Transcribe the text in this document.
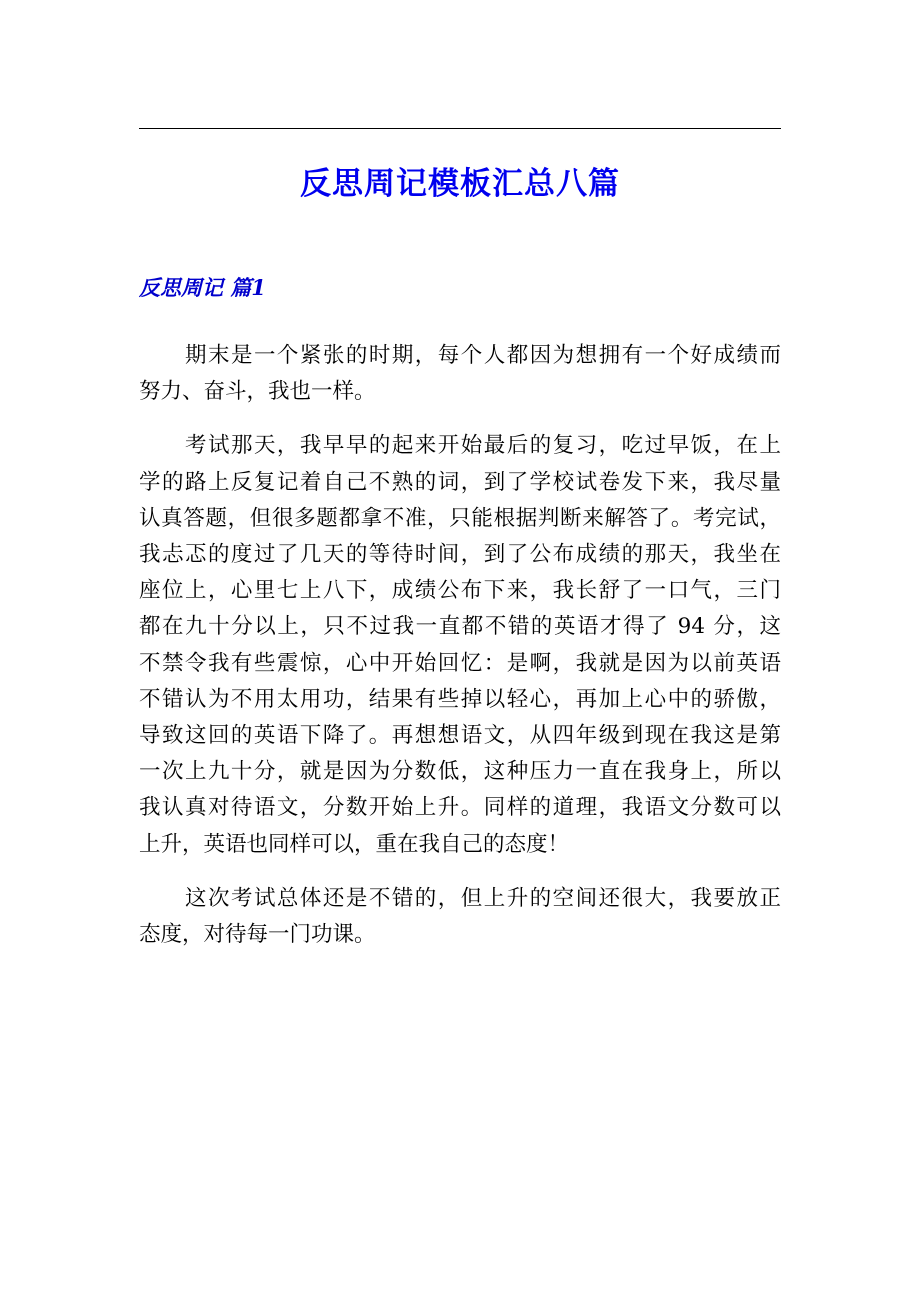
反思周记模板汇总八篇
反思周记 篇1
期末是一个紧张的时期，每个人都因为想拥有一个好成绩而
努力、奋斗，我也一样。
考试那天，我早早的起来开始最后的复习，吃过早饭，在上
学的路上反复记着自己不熟的词，到了学校试卷发下来，我尽量
认真答题，但很多题都拿不准，只能根据判断来解答了。考完试，
我忐忑的度过了几天的等待时间，到了公布成绩的那天，我坐在
座位上，心里七上八下，成绩公布下来，我长舒了一口气，三门
都在九十分以上，只不过我一直都不错的英语才得了 94 分，这
不禁令我有些震惊，心中开始回忆：是啊，我就是因为以前英语
不错认为不用太用功，结果有些掉以轻心，再加上心中的骄傲，
导致这回的英语下降了。再想想语文，从四年级到现在我这是第
一次上九十分，就是因为分数低，这种压力一直在我身上，所以
我认真对待语文，分数开始上升。同样的道理，我语文分数可以
上升，英语也同样可以，重在我自己的态度！
这次考试总体还是不错的，但上升的空间还很大，我要放正
态度，对待每一门功课。
